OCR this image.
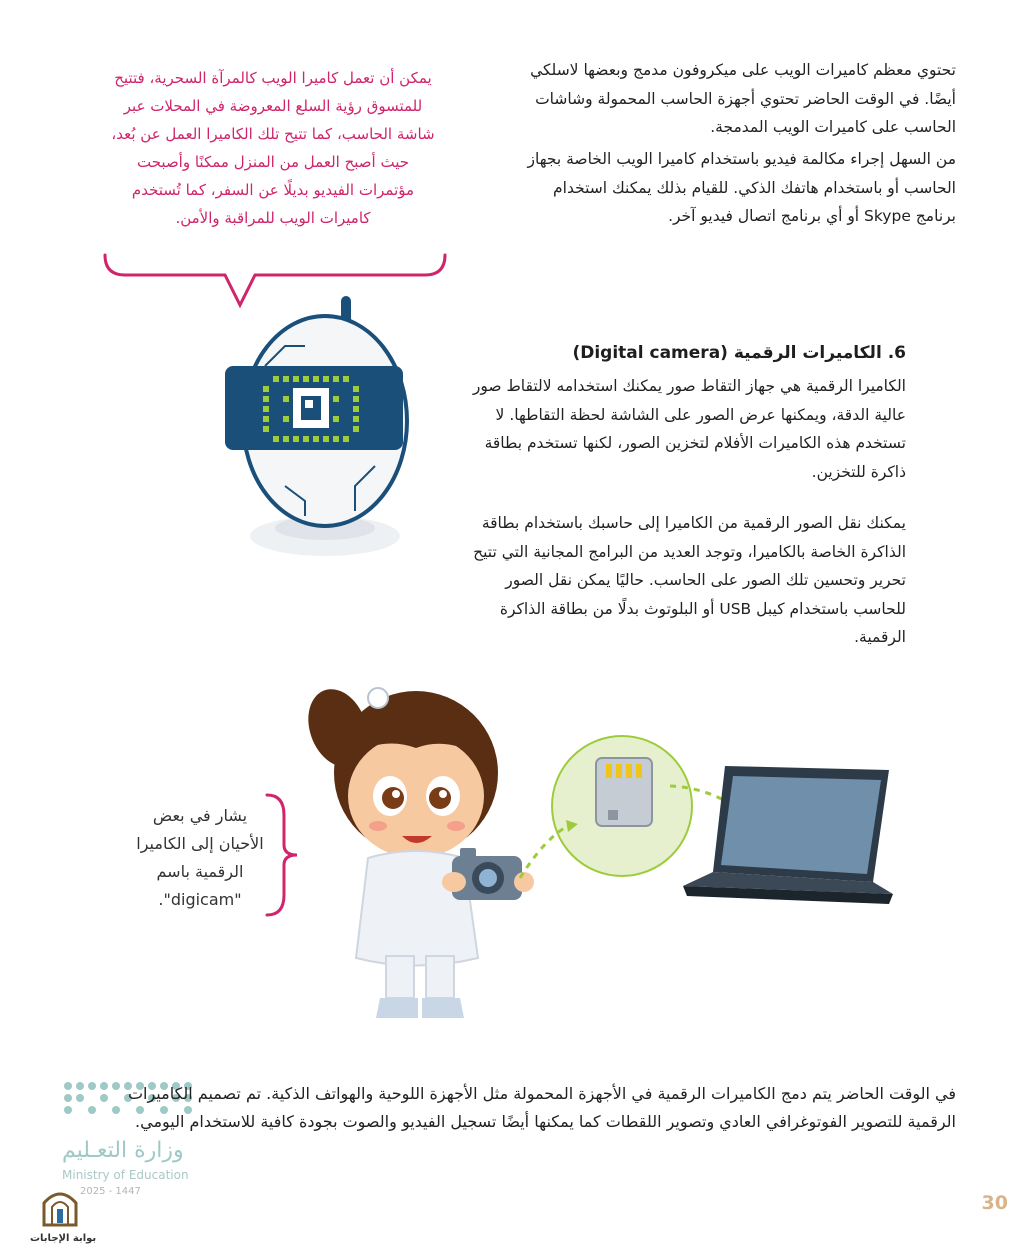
تحتوي معظم كاميرات الويب على ميكروفون مدمج وبعضها لاسلكي أيضًا. في الوقت الحاضر تحتوي أجهزة الحاسب المحمولة وشاشات الحاسب على كاميرات الويب المدمجة.
من السهل إجراء مكالمة فيديو باستخدام كاميرا الويب الخاصة بجهاز الحاسب أو باستخدام هاتفك الذكي. للقيام بذلك يمكنك استخدام برنامج Skype أو أي برنامج اتصال فيديو آخر.
يمكن أن تعمل كاميرا الويب كالمرآة السحرية، فتتيح للمتسوق رؤية السلع المعروضة في المحلات عبر شاشة الحاسب، كما تتيح تلك الكاميرا العمل عن بُعد، حيث أصبح العمل من المنزل ممكنًا وأصبحت مؤتمرات الفيديو بديلًا عن السفر، كما تُستخدم كاميرات الويب للمراقبة والأمن.
6. الكاميرات الرقمية (Digital camera)
الكاميرا الرقمية هي جهاز التقاط صور يمكنك استخدامه لالتقاط صور عالية الدقة، ويمكنها عرض الصور على الشاشة لحظة التقاطها. لا تستخدم هذه الكاميرات الأفلام لتخزين الصور، لكنها تستخدم بطاقة ذاكرة للتخزين.
يمكنك نقل الصور الرقمية من الكاميرا إلى حاسبك باستخدام بطاقة الذاكرة الخاصة بالكاميرا، وتوجد العديد من البرامج المجانية التي تتيح تحرير وتحسين تلك الصور على الحاسب. حاليًا يمكن نقل الصور للحاسب باستخدام كيبل USB أو البلوتوث بدلًا من بطاقة الذاكرة الرقمية.
يشار في بعض الأحيان إلى الكاميرا الرقمية باسم "digicam".
في الوقت الحاضر يتم دمج الكاميرات الرقمية في الأجهزة المحمولة مثل الأجهزة اللوحية والهواتف الذكية. تم تصميم الكاميرات الرقمية للتصوير الفوتوغرافي العادي وتصوير اللقطات كما يمكنها أيضًا تسجيل الفيديو والصوت بجودة كافية للاستخدام اليومي.
وزارة التعـليم
Ministry of Education
2025 - 1447
بوابة الإجابات
30
